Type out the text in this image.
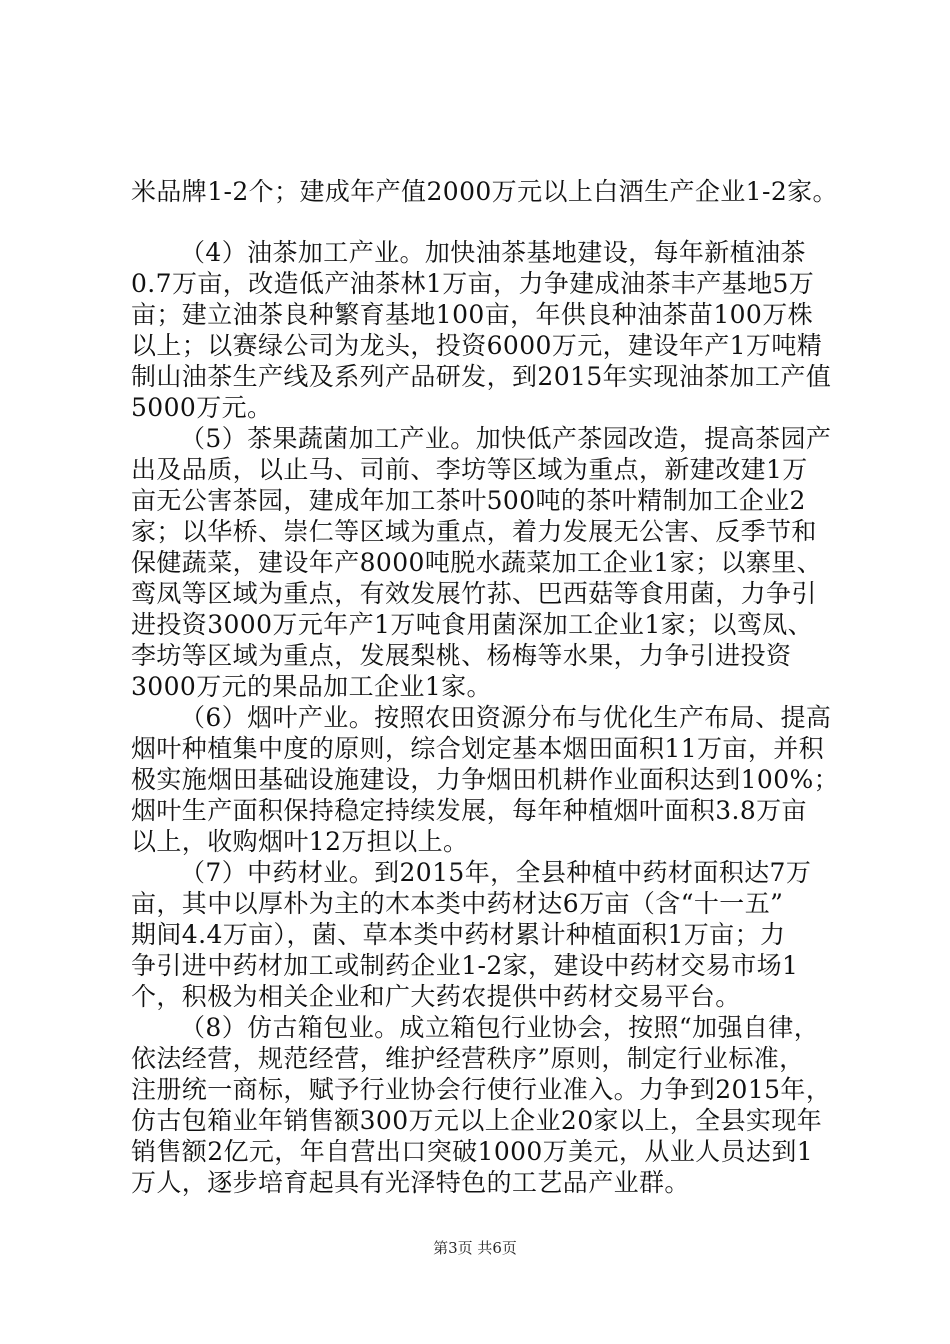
米品牌1-2个；建成年产值2000万元以上白酒生产企业1-2家。
（4）油茶加工产业。加快油茶基地建设，每年新植油茶
0.7万亩，改造低产油茶林1万亩，力争建成油茶丰产基地5万
亩；建立油茶良种繁育基地100亩，年供良种油茶苗100万株
以上；以赛绿公司为龙头，投资6000万元，建设年产1万吨精
制山油茶生产线及系列产品研发，到2015年实现油茶加工产值
5000万元。
（5）茶果蔬菌加工产业。加快低产茶园改造，提高茶园产
出及品质，以止马、司前、李坊等区域为重点，新建改建1万
亩无公害茶园，建成年加工茶叶500吨的茶叶精制加工企业2
家；以华桥、崇仁等区域为重点，着力发展无公害、反季节和
保健蔬菜，建设年产8000吨脱水蔬菜加工企业1家；以寨里、
鸾凤等区域为重点，有效发展竹荪、巴西菇等食用菌，力争引
进投资3000万元年产1万吨食用菌深加工企业1家；以鸾凤、
李坊等区域为重点，发展梨桃、杨梅等水果，力争引进投资
3000万元的果品加工企业1家。
（6）烟叶产业。按照农田资源分布与优化生产布局、提高
烟叶种植集中度的原则，综合划定基本烟田面积11万亩，并积
极实施烟田基础设施建设，力争烟田机耕作业面积达到100%；
烟叶生产面积保持稳定持续发展，每年种植烟叶面积3.8万亩
以上，收购烟叶12万担以上。
（7）中药材业。到2015年，全县种植中药材面积达7万
亩，其中以厚朴为主的木本类中药材达6万亩（含“十一五”
期间4.4万亩），菌、草本类中药材累计种植面积1万亩；力
争引进中药材加工或制药企业1-2家，建设中药材交易市场1
个，积极为相关企业和广大药农提供中药材交易平台。
（8）仿古箱包业。成立箱包行业协会，按照“加强自律，
依法经营，规范经营，维护经营秩序”原则，制定行业标准，
注册统一商标，赋予行业协会行使行业准入。力争到2015年，
仿古包箱业年销售额300万元以上企业20家以上，全县实现年
销售额2亿元，年自营出口突破1000万美元，从业人员达到1
万人，逐步培育起具有光泽特色的工艺品产业群。
第3页 共6页
